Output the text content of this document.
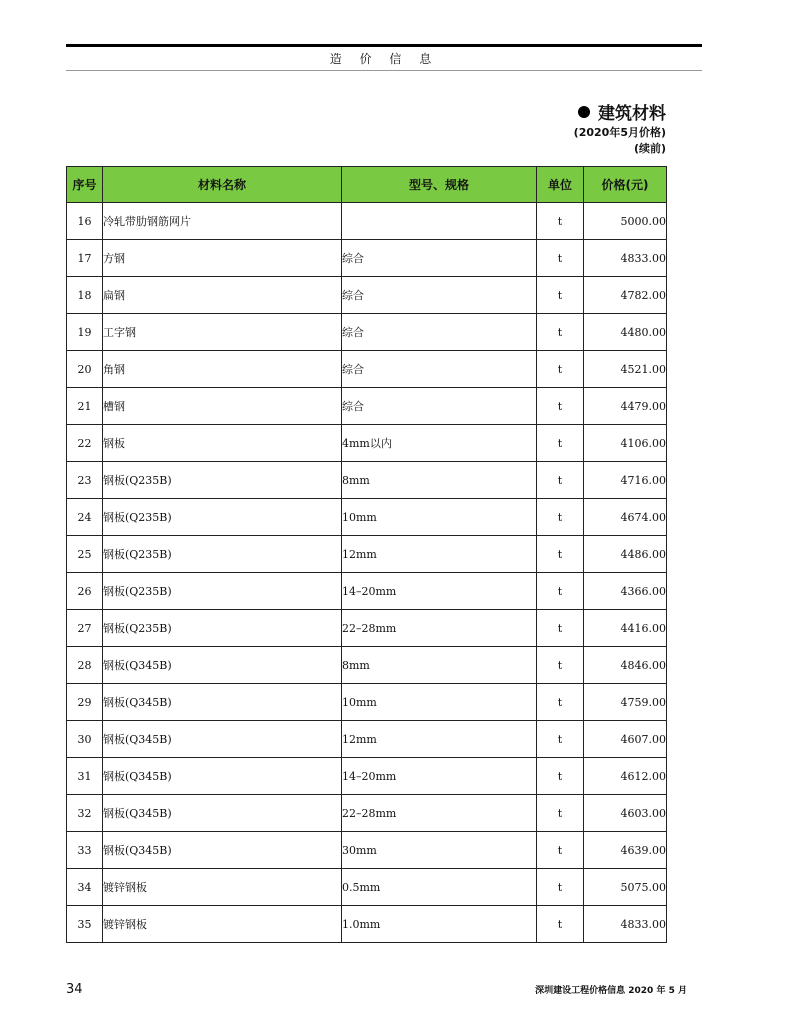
造 价 信 息
建筑材料
(2020年5月价格)
(续前)
序号	材料名称	型号、规格	单位	价格(元)
16	冷轧带肋钢筋网片		t	5000.00
17	方钢	综合	t	4833.00
18	扁钢	综合	t	4782.00
19	工字钢	综合	t	4480.00
20	角钢	综合	t	4521.00
21	槽钢	综合	t	4479.00
22	钢板	4mm以内	t	4106.00
23	钢板(Q235B)	8mm	t	4716.00
24	钢板(Q235B)	10mm	t	4674.00
25	钢板(Q235B)	12mm	t	4486.00
26	钢板(Q235B)	14–20mm	t	4366.00
27	钢板(Q235B)	22–28mm	t	4416.00
28	钢板(Q345B)	8mm	t	4846.00
29	钢板(Q345B)	10mm	t	4759.00
30	钢板(Q345B)	12mm	t	4607.00
31	钢板(Q345B)	14–20mm	t	4612.00
32	钢板(Q345B)	22–28mm	t	4603.00
33	钢板(Q345B)	30mm	t	4639.00
34	镀锌钢板	0.5mm	t	5075.00
35	镀锌钢板	1.0mm	t	4833.00
34	深圳建设工程价格信息 2020 年 5 月
